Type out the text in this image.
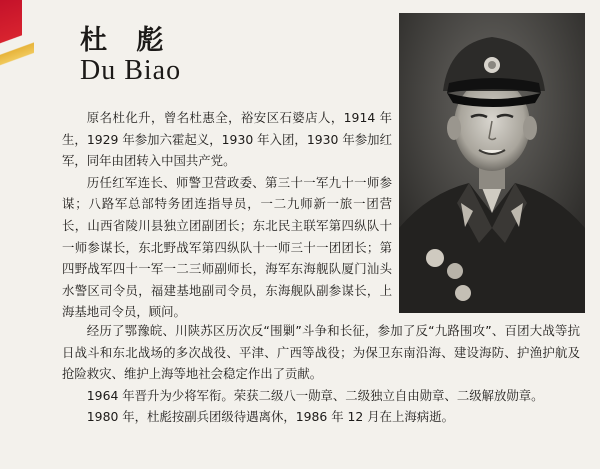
杜 彪
Du Biao

原名杜化升，曾名杜惠全，裕安区石婆店人，1914 年生，1929 年参加六霍起义，1930 年入团，1930 年参加红军，同年由团转入中国共产党。

历任红军连长、师警卫营政委、第三十一军九十一师参谋；八路军总部特务团连指导员，一二九师新一旅一团营长，山西省陵川县独立团副团长；东北民主联军第四纵队十一师参谋长，东北野战军第四纵队十一师三十一团团长；第四野战军四十一军一二三师副师长，海军东海舰队厦门汕头水警区司令员，福建基地副司令员，东海舰队副参谋长，上海基地司令员，顾问。

经历了鄂豫皖、川陕苏区历次反“围剿”斗争和长征，参加了反“九路围攻”、百团大战等抗日战斗和东北战场的多次战役、平津、广西等战役；为保卫东南沿海、建设海防、护渔护航及抢险救灾、维护上海等地社会稳定作出了贡献。

1964 年晋升为少将军衔。荣获二级八一勋章、二级独立自由勋章、二级解放勋章。

1980 年，杜彪按副兵团级待遇离休，1986 年 12 月在上海病逝。
